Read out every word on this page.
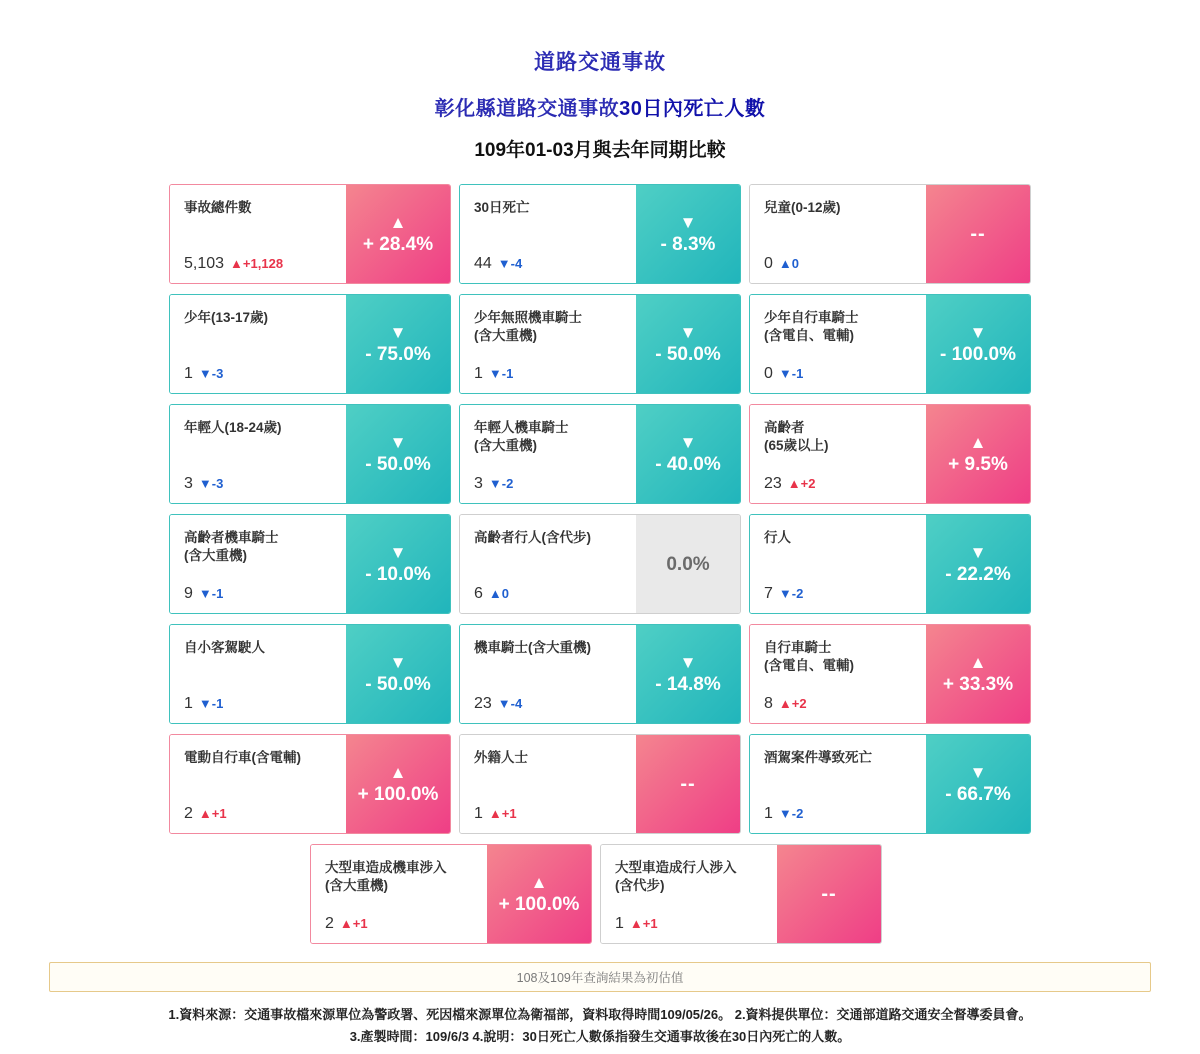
道路交通事故
彰化縣道路交通事故30日內死亡人數
109年01-03月與去年同期比較
事故總件數
5,103 ▲+1,128
▲
+ 28.4%
30日死亡
44 ▼-4
▼
- 8.3%
兒童(0-12歲)
0 ▲0
--
少年(13-17歲)
1 ▼-3
▼
- 75.0%
少年無照機車騎士
(含大重機)
1 ▼-1
▼
- 50.0%
少年自行車騎士
(含電自、電輔)
0 ▼-1
▼
- 100.0%
年輕人(18-24歲)
3 ▼-3
▼
- 50.0%
年輕人機車騎士
(含大重機)
3 ▼-2
▼
- 40.0%
高齡者
(65歲以上)
23 ▲+2
▲
+ 9.5%
高齡者機車騎士
(含大重機)
9 ▼-1
▼
- 10.0%
高齡者行人(含代步)
6 ▲0
0.0%
行人
7 ▼-2
▼
- 22.2%
自小客駕駛人
1 ▼-1
▼
- 50.0%
機車騎士(含大重機)
23 ▼-4
▼
- 14.8%
自行車騎士
(含電自、電輔)
8 ▲+2
▲
+ 33.3%
電動自行車(含電輔)
2 ▲+1
▲
+ 100.0%
外籍人士
1 ▲+1
--
酒駕案件導致死亡
1 ▼-2
▼
- 66.7%
大型車造成機車涉入
(含大重機)
2 ▲+1
▲
+ 100.0%
大型車造成行人涉入
(含代步)
1 ▲+1
--
108及109年查詢結果為初估值
1.資料來源：交通事故檔來源單位為警政署、死因檔來源單位為衛福部，資料取得時間109/05/26。 2.資料提供單位：交通部道路交通安全督導委員會。
3.產製時間：109/6/3 4.說明：30日死亡人數係指發生交通事故後在30日內死亡的人數。
